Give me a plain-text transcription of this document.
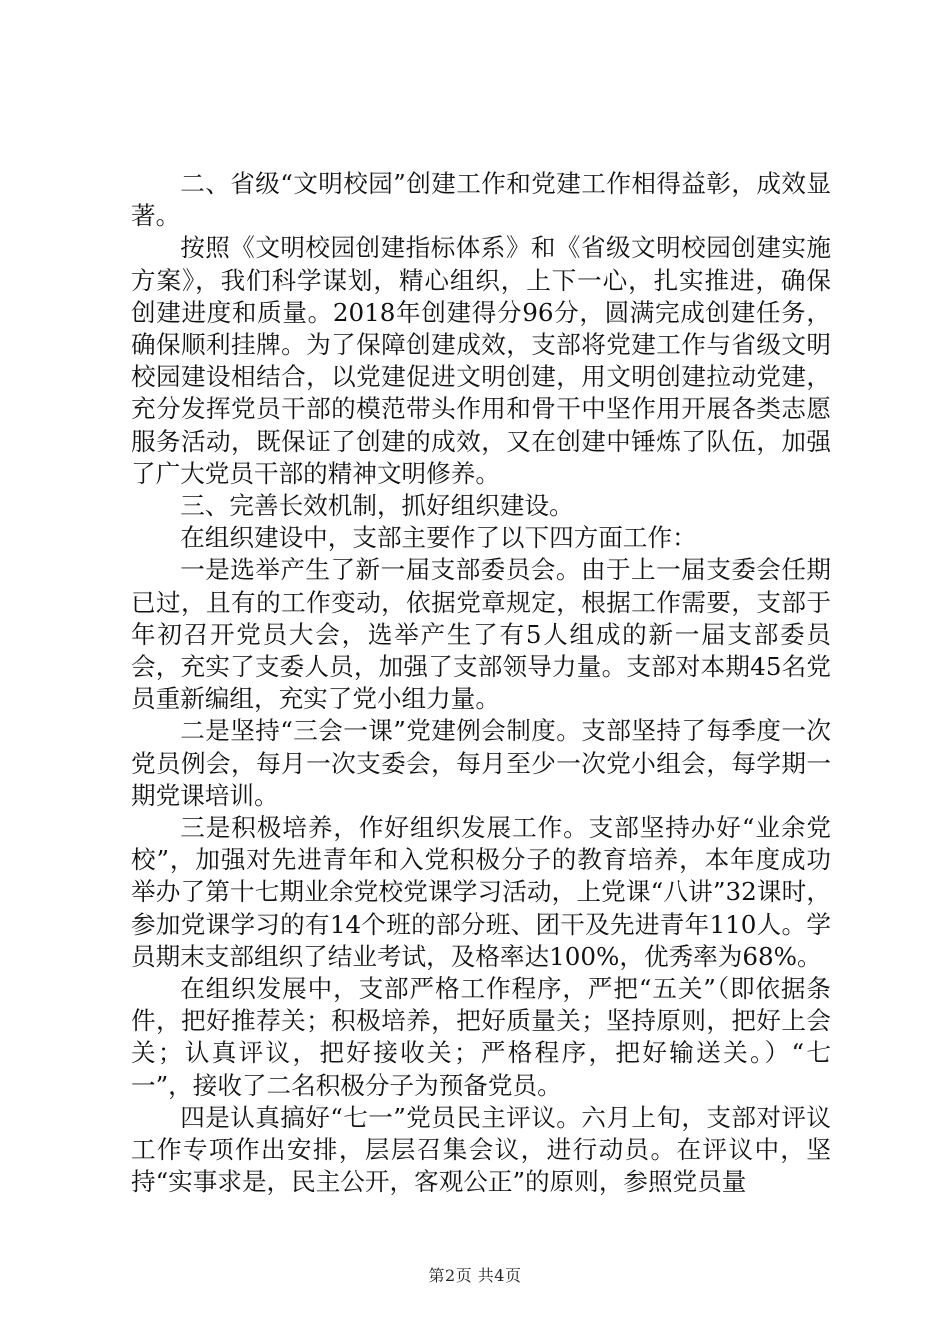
二、省级“文明校园”创建工作和党建工作相得益彰，成效显著。

按照《文明校园创建指标体系》和《省级文明校园创建实施方案》，我们科学谋划，精心组织，上下一心，扎实推进，确保创建进度和质量。2018年创建得分96分，圆满完成创建任务，确保顺利挂牌。为了保障创建成效，支部将党建工作与省级文明校园建设相结合，以党建促进文明创建，用文明创建拉动党建，充分发挥党员干部的模范带头作用和骨干中坚作用开展各类志愿服务活动，既保证了创建的成效，又在创建中锤炼了队伍，加强了广大党员干部的精神文明修养。

三、完善长效机制，抓好组织建设。

在组织建设中，支部主要作了以下四方面工作：

一是选举产生了新一届支部委员会。由于上一届支委会任期已过，且有的工作变动，依据党章规定，根据工作需要，支部于年初召开党员大会，选举产生了有5人组成的新一届支部委员会，充实了支委人员，加强了支部领导力量。支部对本期45名党员重新编组，充实了党小组力量。

二是坚持“三会一课”党建例会制度。支部坚持了每季度一次党员例会，每月一次支委会，每月至少一次党小组会，每学期一期党课培训。

三是积极培养，作好组织发展工作。支部坚持办好“业余党校”，加强对先进青年和入党积极分子的教育培养，本年度成功举办了第十七期业余党校党课学习活动，上党课“八讲”32课时，参加党课学习的有14个班的部分班、团干及先进青年110人。学员期末支部组织了结业考试，及格率达100%，优秀率为68%。

在组织发展中，支部严格工作程序，严把“五关”（即依据条件，把好推荐关；积极培养，把好质量关；坚持原则，把好上会关；认真评议，把好接收关；严格程序，把好输送关。）“七一”，接收了二名积极分子为预备党员。

四是认真搞好“七一”党员民主评议。六月上旬，支部对评议工作专项作出安排，层层召集会议，进行动员。在评议中，坚持“实事求是，民主公开，客观公正”的原则，参照党员量

第2页 共4页
